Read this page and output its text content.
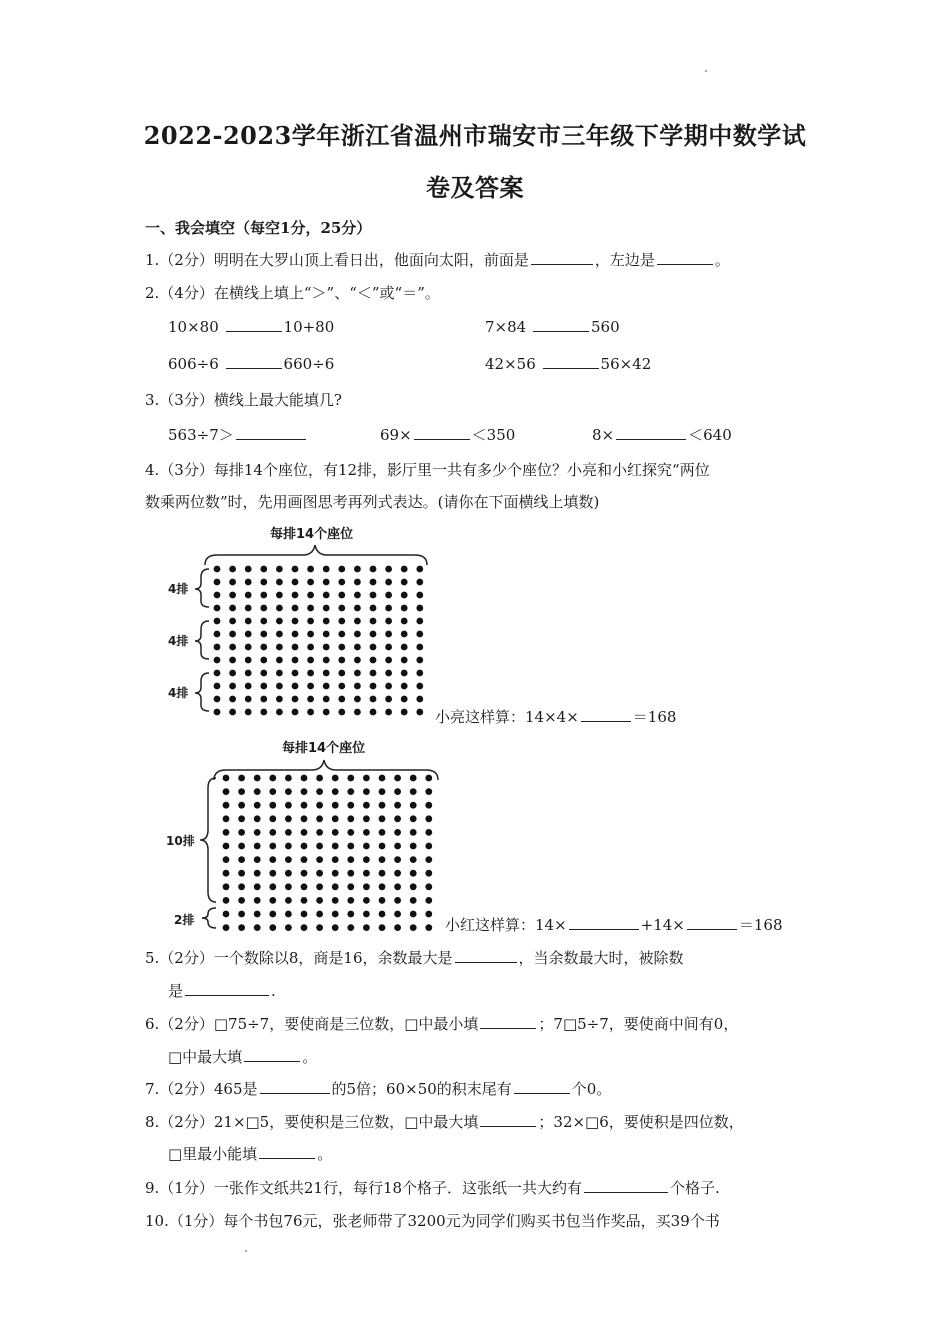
2022-2023学年浙江省温州市瑞安市三年级下学期中数学试
卷及答案
一、我会填空（每空1分，25分）
1.（2分）明明在大罗山顶上看日出，他面向太阳，前面是	，左边是	。
2.（4分）在横线上填上“＞”、“＜”或“＝”。
10×80	10+80	7×84	560
606÷6	660÷6	42×56	56×42
3.（3分）横线上最大能填几?
563÷7＞	69×	＜350	8×	＜640
4.（3分）每排14个座位，有12排，影厅里一共有多少个座位？小亮和小红探究“两位
数乘两位数”时，先用画图思考再列式表达。(请你在下面横线上填数)
每排14个座位
4排
4排
4排
小亮这样算：14×4×	＝168
每排14个座位
10排
2排	小红这样算：14×	+14×	＝168
5.（2分）一个数除以8，商是16，余数最大是	，当余数最大时，被除数
是	.
6.（2分）□75÷7，要使商是三位数，□中最小填	；7□5÷7，要使商中间有0，
□中最大填	。
7.（2分）465是	的5倍；60×50的积末尾有	个0。
8.（2分）21×□5，要使积是三位数，□中最大填	；32×□6，要使积是四位数，
□里最小能填	。
9.（1分）一张作文纸共21行，每行18个格子．这张纸一共大约有	个格子.
10.（1分）每个书包76元，张老师带了3200元为同学们购买书包当作奖品，买39个书
